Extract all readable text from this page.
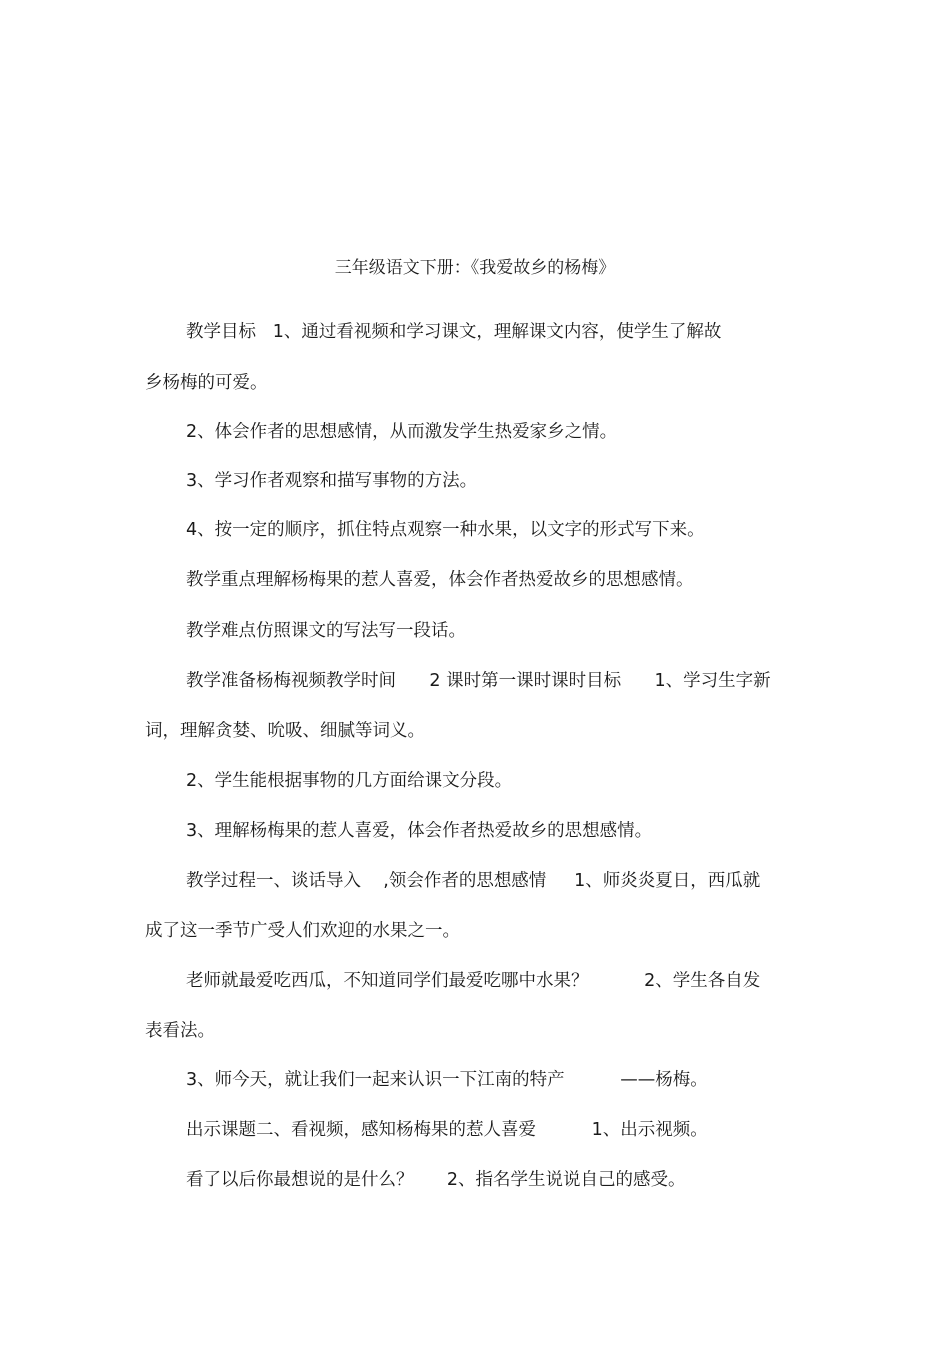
三年级语文下册：《我爱故乡的杨梅》
教学目标   1、通过看视频和学习课文，理解课文内容，使学生了解故
乡杨梅的可爱。
2、体会作者的思想感情，从而激发学生热爱家乡之情。
3、学习作者观察和描写事物的方法。
4、按一定的顺序，抓住特点观察一种水果，以文字的形式写下来。
教学重点理解杨梅果的惹人喜爱，体会作者热爱故乡的思想感情。
教学难点仿照课文的写法写一段话。
教学准备杨梅视频教学时间      2 课时第一课时课时目标      1、学习生字新
词，理解贪婪、吮吸、细腻等词义。
2、学生能根据事物的几方面给课文分段。
3、理解杨梅果的惹人喜爱，体会作者热爱故乡的思想感情。
教学过程一、谈话导入    ,领会作者的思想感情     1、师炎炎夏日，西瓜就
成了这一季节广受人们欢迎的水果之一。
老师就最爱吃西瓜，不知道同学们最爱吃哪中水果？          2、学生各自发
表看法。
3、师今天，就让我们一起来认识一下江南的特产          ——杨梅。
出示课题二、看视频，感知杨梅果的惹人喜爱          1、出示视频。
看了以后你最想说的是什么？      2、指名学生说说自己的感受。
